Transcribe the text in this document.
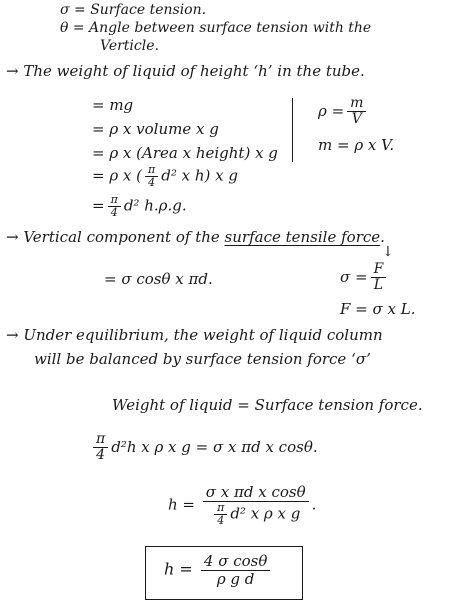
σ = Surface tension.
θ = Angle between surface tension with the
Verticle.
→ The weight of liquid of height ‘h’ in the tube.
= mg
= ρ x volume x g
= ρ x (Area x height) x g
= ρ x ( $\frac{\pi}{4} d^2$ x h) x g
= $\frac{\pi}{4} d^2$ h.ρ.g.
$\rho = \frac{m}{V}$
m = ρ x V.
→ Vertical component of the surface tensile force.
↓
= σ cosθ x πd.	$\sigma = \frac{F}{L}$
F = σ x L.
→ Under equilibrium, the weight of liquid column
will be balanced by surface tension force ‘σ’
Weight of liquid = Surface tension force.
$\frac{\pi}{4} d^2h$ x ρ x g = σ x πd x cosθ.
$h = \frac{\text{σ x πd x cosθ}}{\frac{\pi}{4} d^2 x \rho x g}$ .
$h = \frac{\text{4 σ cosθ}}{\text{ρ g d}}$
